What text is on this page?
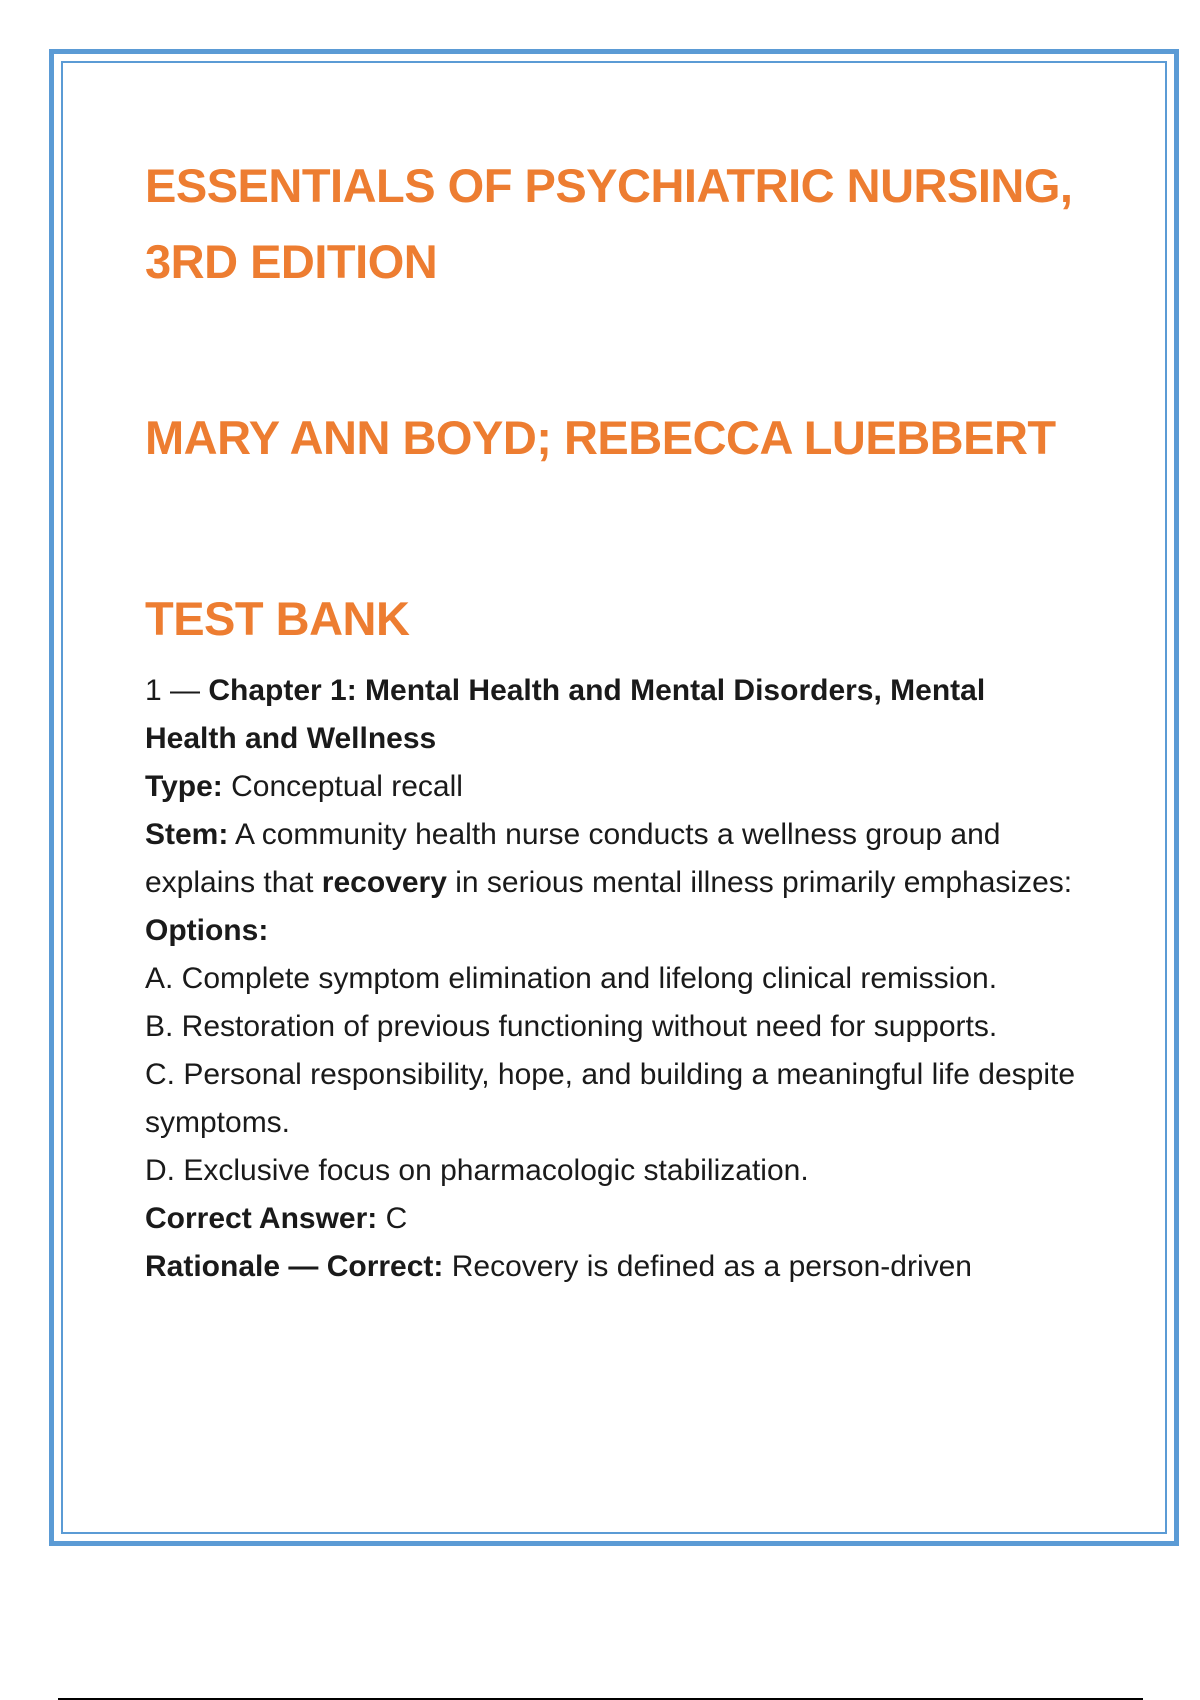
ESSENTIALS OF PSYCHIATRIC NURSING,
3RD EDITION
MARY ANN BOYD; REBECCA LUEBBERT
TEST BANK

1 — Chapter 1: Mental Health and Mental Disorders, Mental Health and Wellness

Type: Conceptual recall

Stem: A community health nurse conducts a wellness group and explains that recovery in serious mental illness primarily emphasizes:

Options:

A. Complete symptom elimination and lifelong clinical remission.

B. Restoration of previous functioning without need for supports.

C. Personal responsibility, hope, and building a meaningful life despite symptoms.

D. Exclusive focus on pharmacologic stabilization.

Correct Answer: C

Rationale — Correct: Recovery is defined as a person-driven
